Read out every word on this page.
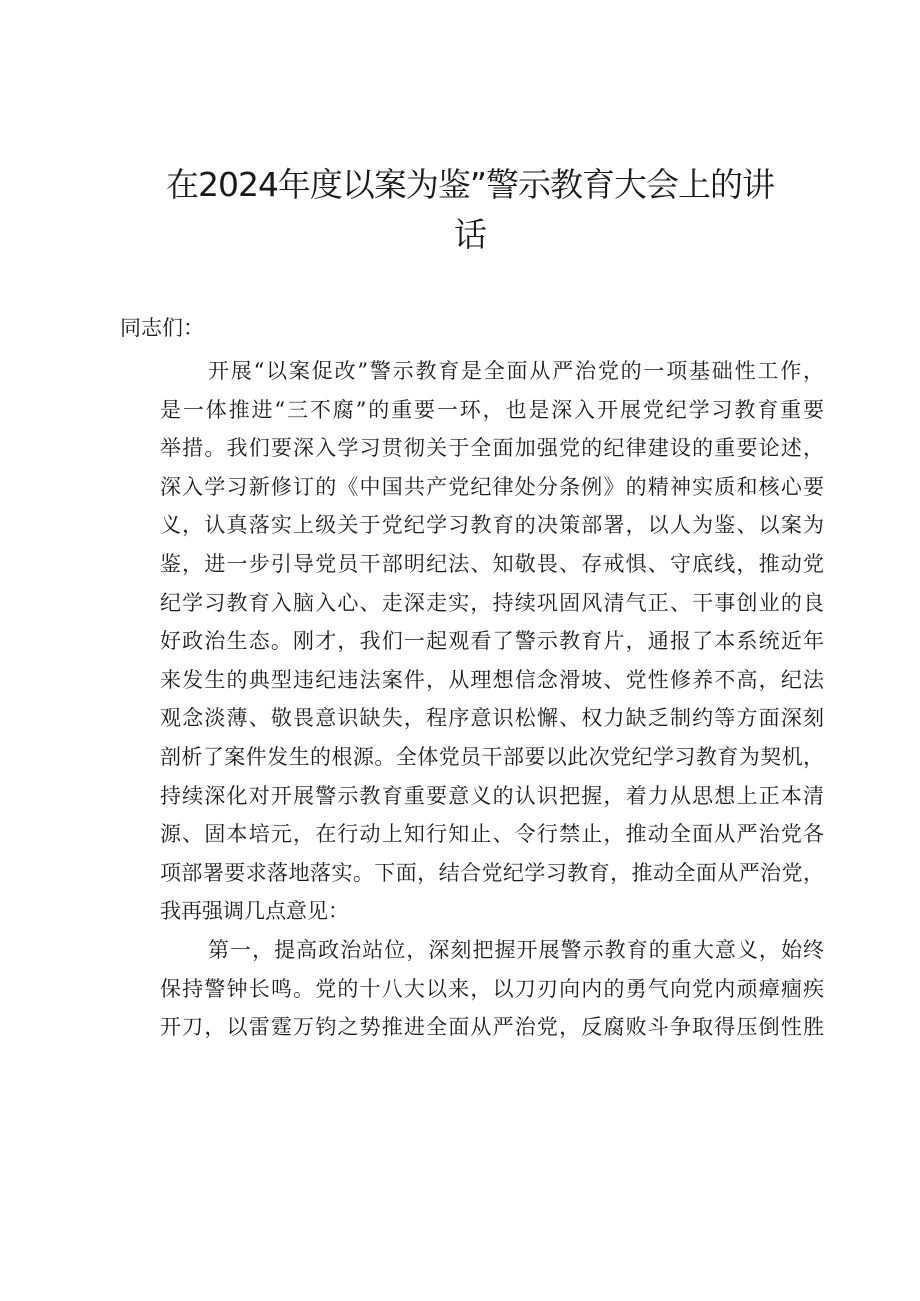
在2024年度以案为鉴”警示教育大会上的讲
话

同志们：

开展“以案促改”警示教育是全面从严治党的一项基础性工作，
是一体推进“三不腐”的重要一环，也是深入开展党纪学习教育重要
举措。我们要深入学习贯彻关于全面加强党的纪律建设的重要论述，
深入学习新修订的《中国共产党纪律处分条例》的精神实质和核心要
义，认真落实上级关于党纪学习教育的决策部署，以人为鉴、以案为
鉴，进一步引导党员干部明纪法、知敬畏、存戒惧、守底线，推动党
纪学习教育入脑入心、走深走实，持续巩固风清气正、干事创业的良
好政治生态。刚才，我们一起观看了警示教育片，通报了本系统近年
来发生的典型违纪违法案件，从理想信念滑坡、党性修养不高，纪法
观念淡薄、敬畏意识缺失，程序意识松懈、权力缺乏制约等方面深刻
剖析了案件发生的根源。全体党员干部要以此次党纪学习教育为契机，
持续深化对开展警示教育重要意义的认识把握，着力从思想上正本清
源、固本培元，在行动上知行知止、令行禁止，推动全面从严治党各
项部署要求落地落实。下面，结合党纪学习教育，推动全面从严治党，
我再强调几点意见：
第一，提高政治站位，深刻把握开展警示教育的重大意义，始终
保持警钟长鸣。党的十八大以来，以刀刃向内的勇气向党内顽瘴痼疾
开刀，以雷霆万钧之势推进全面从严治党，反腐败斗争取得压倒性胜
